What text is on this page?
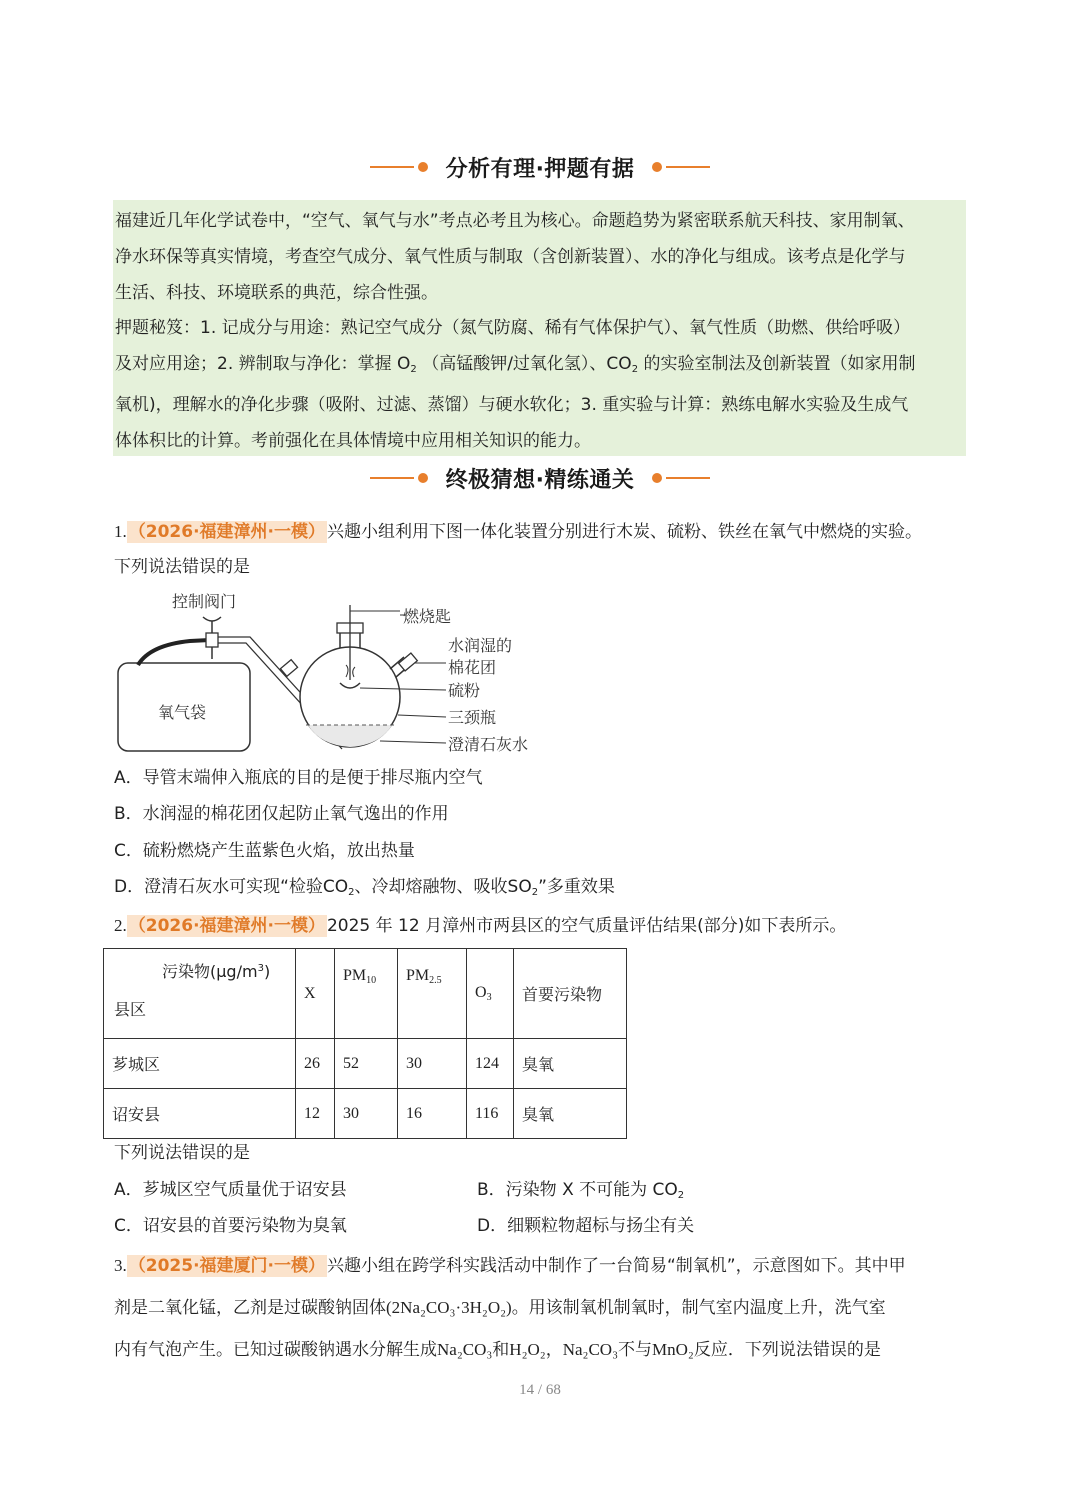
分析有理·押题有据

福建近几年化学试卷中，“空气、氧气与水”考点必考且为核心。命题趋势为紧密联系航天科技、家用制氧、

净水环保等真实情境，考查空气成分、氧气性质与制取（含创新装置）、水的净化与组成。该考点是化学与

生活、科技、环境联系的典范，综合性强。

押题秘笈：1. 记成分与用途：熟记空气成分（氮气防腐、稀有气体保护气）、氧气性质（助燃、供给呼吸）

及对应用途；2. 辨制取与净化：掌握 $O_2$ （高锰酸钾/过氧化氢）、$CO_2$ 的实验室制法及创新装置（如家用制

氧机)，理解水的净化步骤（吸附、过滤、蒸馏）与硬水软化；3. 重实验与计算：熟练电解水实验及生成气

体体积比的计算。考前强化在具体情境中应用相关知识的能力。

终极猜想·精练通关

1. （2026·福建漳州·一模） 兴趣小组利用下图一体化装置分别进行木炭、硫粉、铁丝在氧气中燃烧的实验。

下列说法错误的是

氧气袋
控制阀门
燃烧匙
水润湿的
棉花团
硫粉
三颈瓶
澄清石灰水
A．导管末端伸入瓶底的目的是便于排尽瓶内空气
B．水润湿的棉花团仅起防止氧气逸出的作用
C．硫粉燃烧产生蓝紫色火焰，放出热量
D．澄清石灰水可实现“检验$CO_2$、冷却熔融物、吸收$SO_2$”多重效果

2. （2026·福建漳州·一模） 2025 年 12 月漳州市两县区的空气质量评估结果(部分)如下表所示。

污染物$(\mu g/m^3)$
县区	X	$PM_{10}$	$PM_{2.5}$	$O_3$	首要污染物
芗城区	26	52	30	124	臭氧
诏安县	12	30	16	116	臭氧
下列说法错误的是
A．芗城区空气质量优于诏安县	B．污染物 X 不可能为 $CO_2$
C．诏安县的首要污染物为臭氧	D．细颗粒物超标与扬尘有关

3. （2025·福建厦门·一模） 兴趣小组在跨学科实践活动中制作了一台简易“制氧机”，示意图如下。其中甲

剂是二氧化锰，乙剂是过碳酸钠固体(2Na₂CO₃·3H₂O₂)。用该制氧机制氧时，制气室内温度上升，洗气室

内有气泡产生。已知过碳酸钠遇水分解生成Na₂CO₃和H₂O₂，Na₂CO₃不与MnO₂反应．下列说法错误的是

14 / 68
